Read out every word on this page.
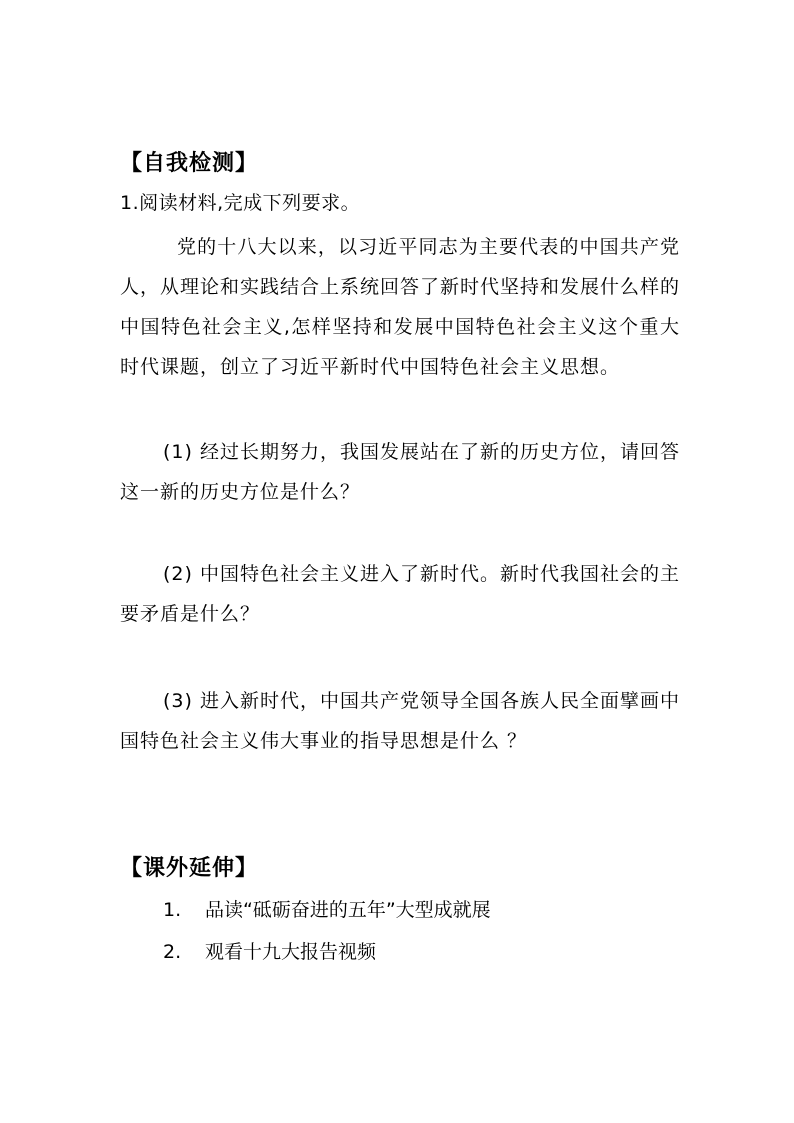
【自我检测】
1.阅读材料,完成下列要求。
党的十八大以来，以习近平同志为主要代表的中国共产党人，从理论和实践结合上系统回答了新时代坚持和发展什么样的中国特色社会主义,怎样坚持和发展中国特色社会主义这个重大时代课题，创立了习近平新时代中国特色社会主义思想。
(1) 经过长期努力，我国发展站在了新的历史方位，请回答这一新的历史方位是什么？
(2) 中国特色社会主义进入了新时代。新时代我国社会的主要矛盾是什么？
(3) 进入新时代，中国共产党领导全国各族人民全面擘画中国特色社会主义伟大事业的指导思想是什么 ？
【课外延伸】
1. 品读“砥砺奋进的五年”大型成就展
2. 观看十九大报告视频
